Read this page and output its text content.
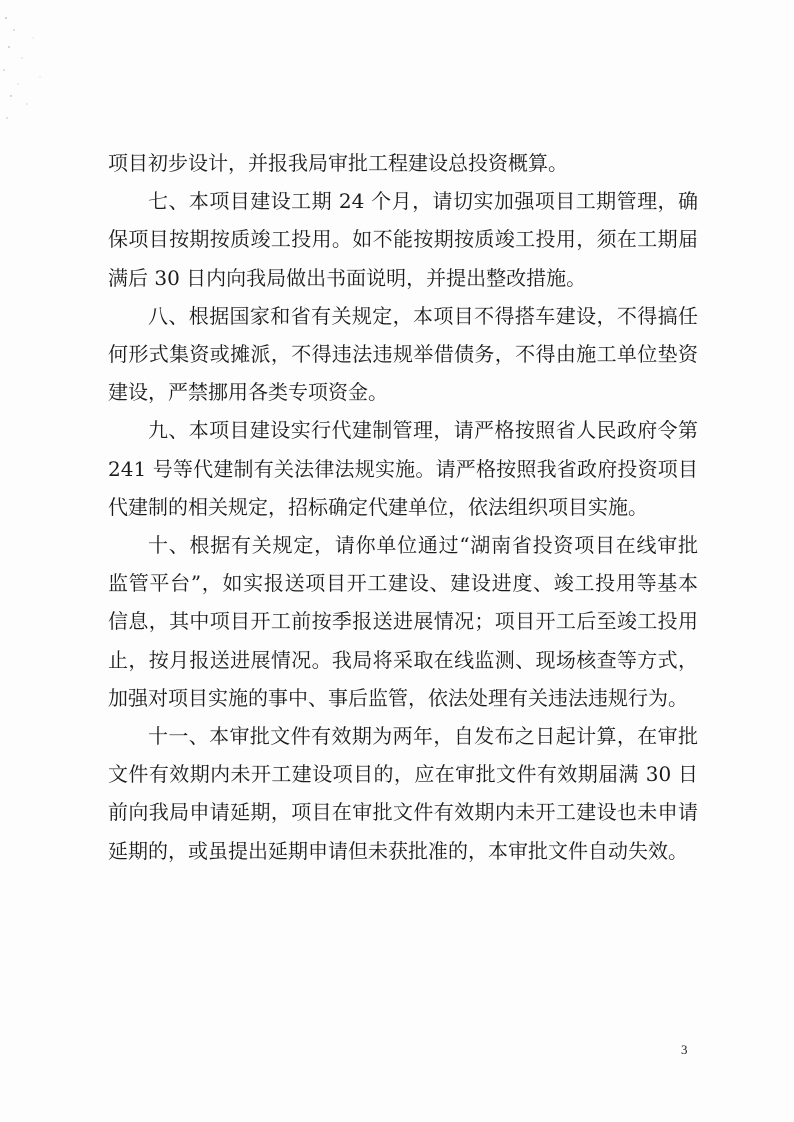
项目初步设计，并报我局审批工程建设总投资概算。

七、本项目建设工期 24 个月，请切实加强项目工期管理，确保项目按期按质竣工投用。如不能按期按质竣工投用，须在工期届满后 30 日内向我局做出书面说明，并提出整改措施。

八、根据国家和省有关规定，本项目不得搭车建设，不得搞任何形式集资或摊派，不得违法违规举借债务，不得由施工单位垫资建设，严禁挪用各类专项资金。

九、本项目建设实行代建制管理，请严格按照省人民政府令第 241 号等代建制有关法律法规实施。请严格按照我省政府投资项目代建制的相关规定，招标确定代建单位，依法组织项目实施。

十、根据有关规定，请你单位通过“湖南省投资项目在线审批监管平台”，如实报送项目开工建设、建设进度、竣工投用等基本信息，其中项目开工前按季报送进展情况；项目开工后至竣工投用止，按月报送进展情况。我局将采取在线监测、现场核查等方式，加强对项目实施的事中、事后监管，依法处理有关违法违规行为。

十一、本审批文件有效期为两年，自发布之日起计算，在审批文件有效期内未开工建设项目的，应在审批文件有效期届满 30 日前向我局申请延期，项目在审批文件有效期内未开工建设也未申请延期的，或虽提出延期申请但未获批准的，本审批文件自动失效。

3
